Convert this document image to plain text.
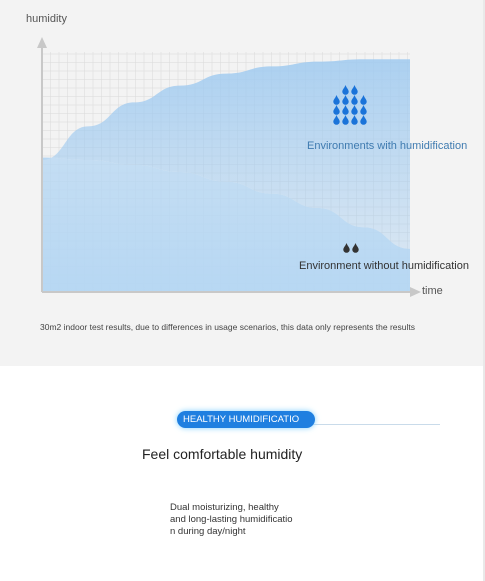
humidity
time
Environments with humidification
Environment without humidification
30m2 indoor test results, due to differences in usage scenarios, this data only represents the results
HEALTHY HUMIDIFICATIO
Feel comfortable humidity
Dual moisturizing, healthy
and long-lasting humidificatio
n during day/night
